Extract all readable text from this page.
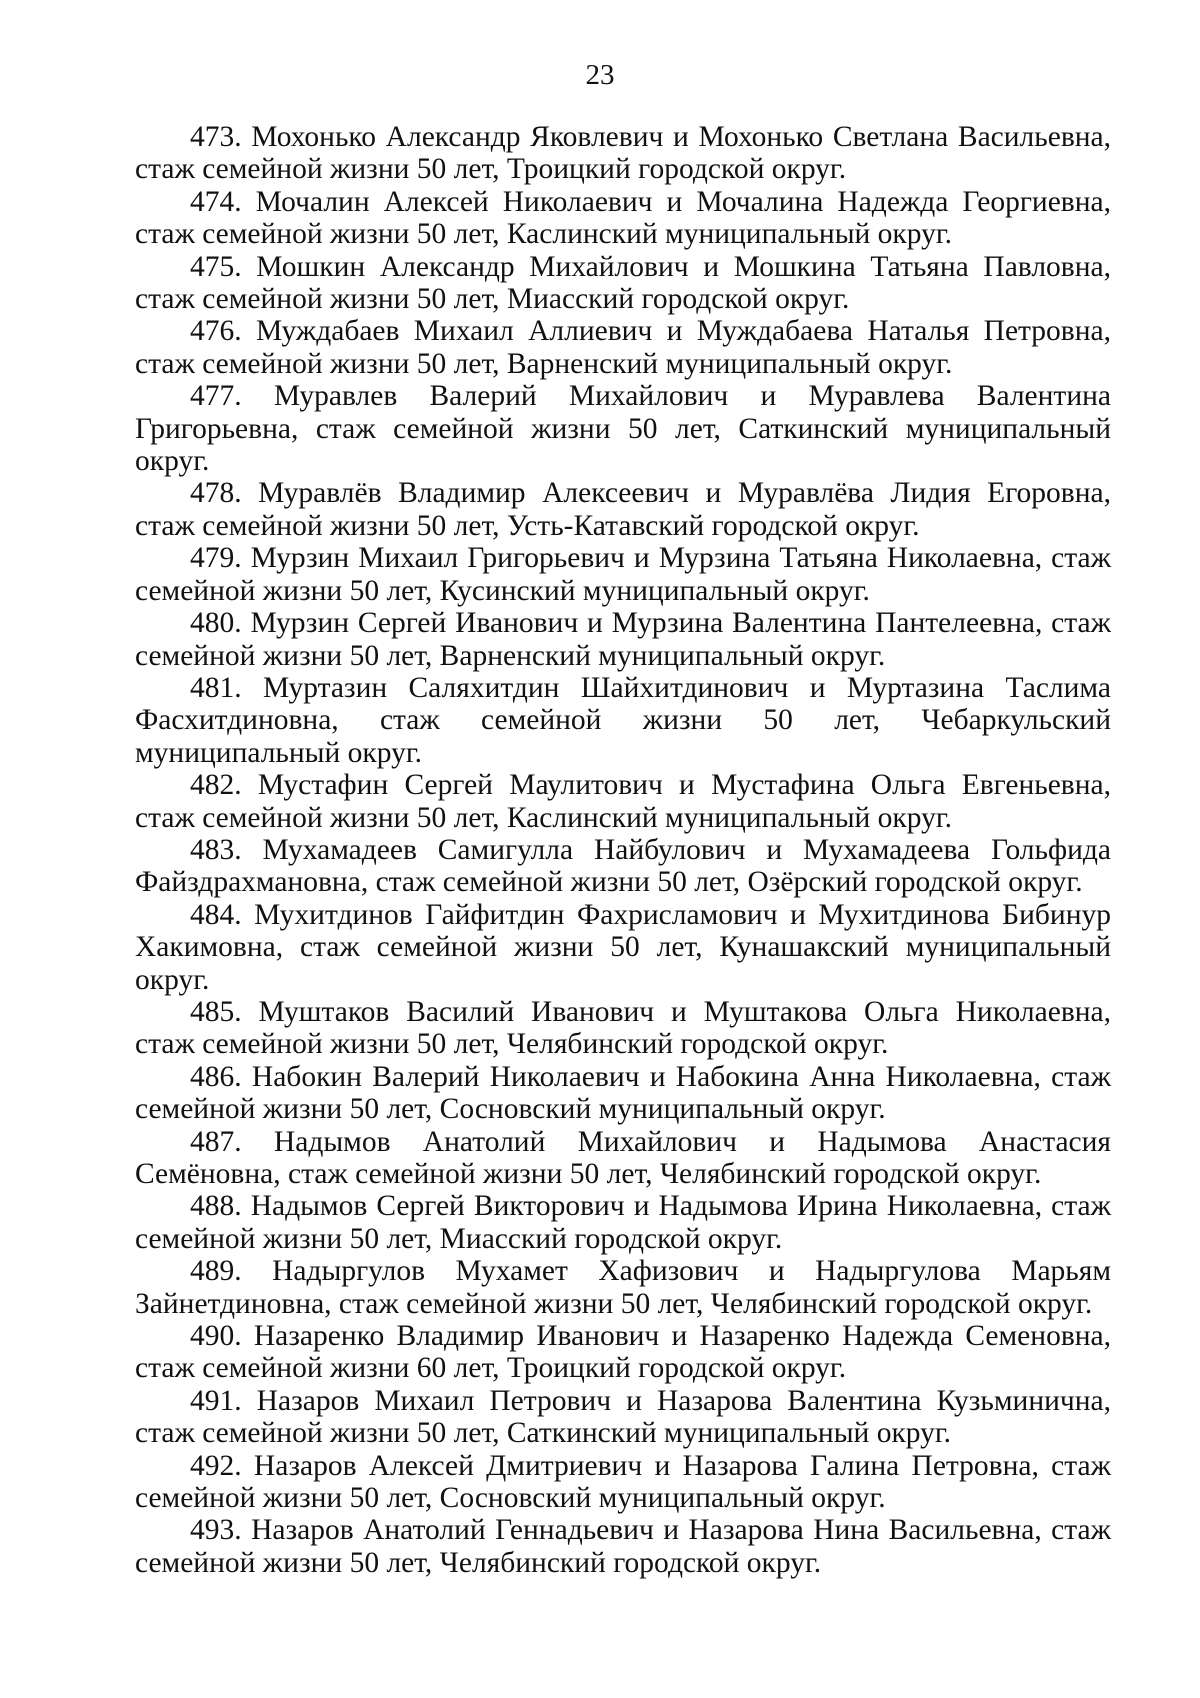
23

473. Мохонько Александр Яковлевич и Мохонько Светлана Васильевна, стаж семейной жизни 50 лет, Троицкий городской округ.

474. Мочалин Алексей Николаевич и Мочалина Надежда Георгиевна, стаж семейной жизни 50 лет, Каслинский муниципальный округ.

475. Мошкин Александр Михайлович и Мошкина Татьяна Павловна, стаж семейной жизни 50 лет, Миасский городской округ.

476. Муждабаев Михаил Аллиевич и Муждабаева Наталья Петровна, стаж семейной жизни 50 лет, Варненский муниципальный округ.

477. Муравлев Валерий Михайлович и Муравлева Валентина Григорьевна, стаж семейной жизни 50 лет, Саткинский муниципальный округ.

478. Муравлёв Владимир Алексеевич и Муравлёва Лидия Егоровна, стаж семейной жизни 50 лет, Усть-Катавский городской округ.

479. Мурзин Михаил Григорьевич и Мурзина Татьяна Николаевна, стаж семейной жизни 50 лет, Кусинский муниципальный округ.

480. Мурзин Сергей Иванович и Мурзина Валентина Пантелеевна, стаж семейной жизни 50 лет, Варненский муниципальный округ.

481. Муртазин Саляхитдин Шайхитдинович и Муртазина Таслима Фасхитдиновна, стаж семейной жизни 50 лет, Чебаркульский муниципальный округ.

482. Мустафин Сергей Маулитович и Мустафина Ольга Евгеньевна, стаж семейной жизни 50 лет, Каслинский муниципальный округ.

483. Мухамадеев Самигулла Найбулович и Мухамадеева Гольфида Файздрахмановна, стаж семейной жизни 50 лет, Озёрский городской округ.

484. Мухитдинов Гайфитдин Фахрисламович и Мухитдинова Бибинур Хакимовна, стаж семейной жизни 50 лет, Кунашакский муниципальный округ.

485. Муштаков Василий Иванович и Муштакова Ольга Николаевна, стаж семейной жизни 50 лет, Челябинский городской округ.

486. Набокин Валерий Николаевич и Набокина Анна Николаевна, стаж семейной жизни 50 лет, Сосновский муниципальный округ.

487. Надымов Анатолий Михайлович и Надымова Анастасия Семёновна, стаж семейной жизни 50 лет, Челябинский городской округ.

488. Надымов Сергей Викторович и Надымова Ирина Николаевна, стаж семейной жизни 50 лет, Миасский городской округ.

489. Надыргулов Мухамет Хафизович и Надыргулова Марьям Зайнетдиновна, стаж семейной жизни 50 лет, Челябинский городской округ.

490. Назаренко Владимир Иванович и Назаренко Надежда Семеновна, стаж семейной жизни 60 лет, Троицкий городской округ.

491. Назаров Михаил Петрович и Назарова Валентина Кузьминична, стаж семейной жизни 50 лет, Саткинский муниципальный округ.

492. Назаров Алексей Дмитриевич и Назарова Галина Петровна, стаж семейной жизни 50 лет, Сосновский муниципальный округ.

493. Назаров Анатолий Геннадьевич и Назарова Нина Васильевна, стаж семейной жизни 50 лет, Челябинский городской округ.
